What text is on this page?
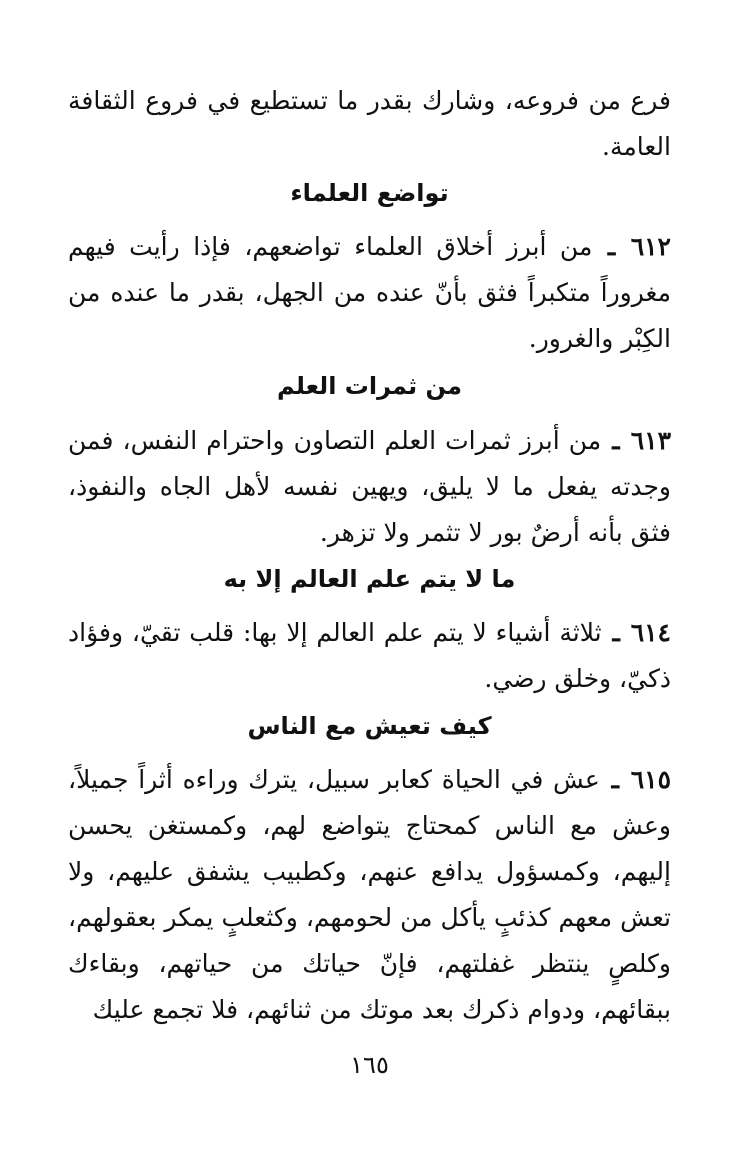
فرع من فروعه، وشارك بقدر ما تستطيع في فروع الثقافة العامة.
تواضع العلماء
٦١٢ ـ من أبرز أخلاق العلماء تواضعهم، فإذا رأيت فيهم مغروراً متكبراً فثق بأنّ عنده من الجهل، بقدر ما عنده من الكِبْر والغرور.
من ثمرات العلم
٦١٣ ـ من أبرز ثمرات العلم التصاون واحترام النفس، فمن وجدته يفعل ما لا يليق، ويهين نفسه لأهل الجاه والنفوذ، فثق بأنه أرضٌ بور لا تثمر ولا تزهر.
ما لا يتم علم العالم إلا به
٦١٤ ـ ثلاثة أشياء لا يتم علم العالم إلا بها: قلب تقيّ، وفؤاد ذكيّ، وخلق رضي.
كيف تعيش مع الناس
٦١٥ ـ عش في الحياة كعابر سبيل، يترك وراءه أثراً جميلاً، وعش مع الناس كمحتاج يتواضع لهم، وكمستغن يحسن إليهم، وكمسؤول يدافع عنهم، وكطبيب يشفق عليهم، ولا تعش معهم كذئبٍ يأكل من لحومهم، وكثعلبٍ يمكر بعقولهم، وكلصٍ ينتظر غفلتهم، فإنّ حياتك من حياتهم، وبقاءك ببقائهم، ودوام ذكرك بعد موتك من ثنائهم، فلا تجمع عليك
١٦٥
